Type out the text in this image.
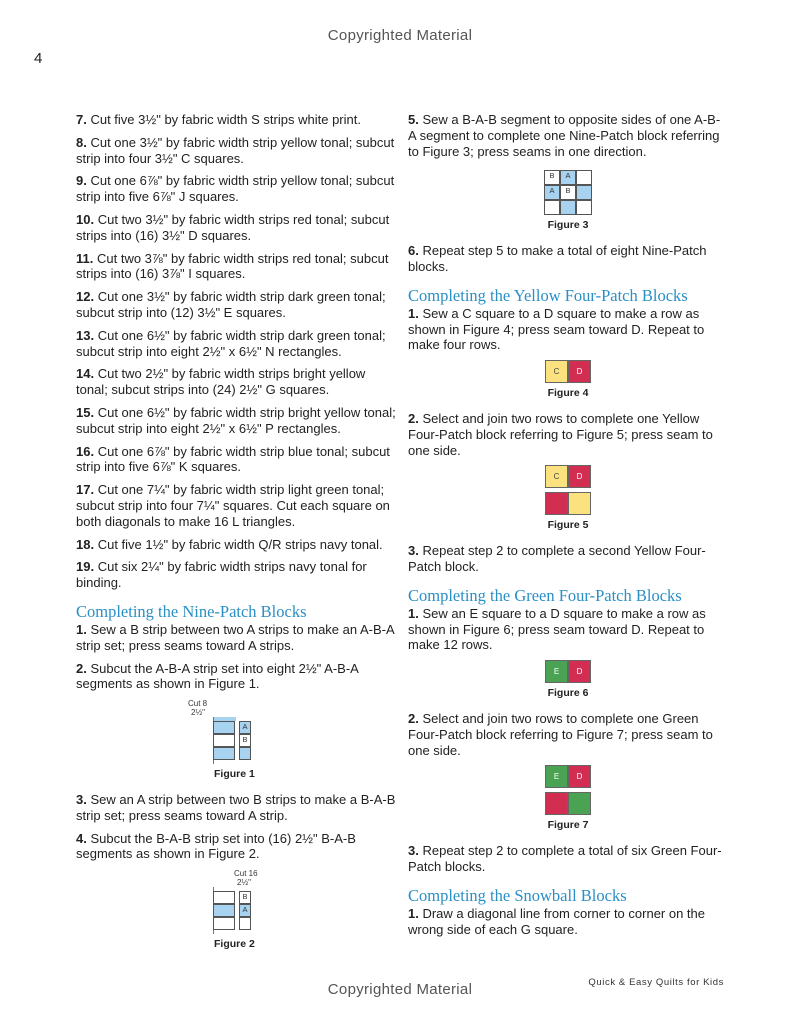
Copyrighted Material
4

7. Cut five 3½" by fabric width S strips white print.

8. Cut one 3½" by fabric width strip yellow tonal; subcut strip into four 3½" C squares.

9. Cut one 6⅞" by fabric width strip yellow tonal; subcut strip into five 6⅞" J squares.

10. Cut two 3½" by fabric width strips red tonal; subcut strips into (16) 3½" D squares.

11. Cut two 3⅞" by fabric width strips red tonal; subcut strips into (16) 3⅞" I squares.

12. Cut one 3½" by fabric width strip dark green tonal; subcut strip into (12) 3½" E squares.

13. Cut one 6½" by fabric width strip dark green tonal; subcut strip into eight 2½" x 6½" N rectangles.

14. Cut two 2½" by fabric width strips bright yellow tonal; subcut strips into (24) 2½" G squares.

15. Cut one 6½" by fabric width strip bright yellow tonal; subcut strip into eight 2½" x 6½" P rectangles.

16. Cut one 6⅞" by fabric width strip blue tonal; subcut strip into five 6⅞" K squares.

17. Cut one 7¼" by fabric width strip light green tonal; subcut strip into four 7¼" squares. Cut each square on both diagonals to make 16 L triangles.

18. Cut five 1½" by fabric width Q/R strips navy tonal.

19. Cut six 2¼" by fabric width strips navy tonal for binding.

Completing the Nine-Patch Blocks

1. Sew a B strip between two A strips to make an A-B-A strip set; press seams toward A strips.

2. Subcut the A-B-A strip set into eight 2½" A-B-A segments as shown in Figure 1.

Cut 8
2½"
A
B
Figure 1

3. Sew an A strip between two B strips to make a B-A-B strip set; press seams toward A strip.

4. Subcut the B-A-B strip set into (16) 2½" B-A-B segments as shown in Figure 2.

Cut 16
2½"
B
A
Figure 2

5. Sew a B-A-B segment to opposite sides of one A-B-A segment to complete one Nine-Patch block referring to Figure 3; press seams in one direction.

B	A
A	B
Figure 3

6. Repeat step 5 to make a total of eight Nine-Patch blocks.

Completing the Yellow Four-Patch Blocks

1. Sew a C square to a D square to make a row as shown in Figure 4; press seam toward D. Repeat to make four rows.

C	D
Figure 4

2. Select and join two rows to complete one Yellow Four-Patch block referring to Figure 5; press seam to one side.

C	D
Figure 5

3. Repeat step 2 to complete a second Yellow Four-Patch block.

Completing the Green Four-Patch Blocks

1. Sew an E square to a D square to make a row as shown in Figure 6; press seam toward D. Repeat to make 12 rows.

E	D
Figure 6

2. Select and join two rows to complete one Green Four-Patch block referring to Figure 7; press seam to one side.

E	D
Figure 7

3. Repeat step 2 to complete a total of six Green Four-Patch blocks.

Completing the Snowball Blocks

1. Draw a diagonal line from corner to corner on the wrong side of each G square.

Quick & Easy Quilts for Kids
Copyrighted Material
